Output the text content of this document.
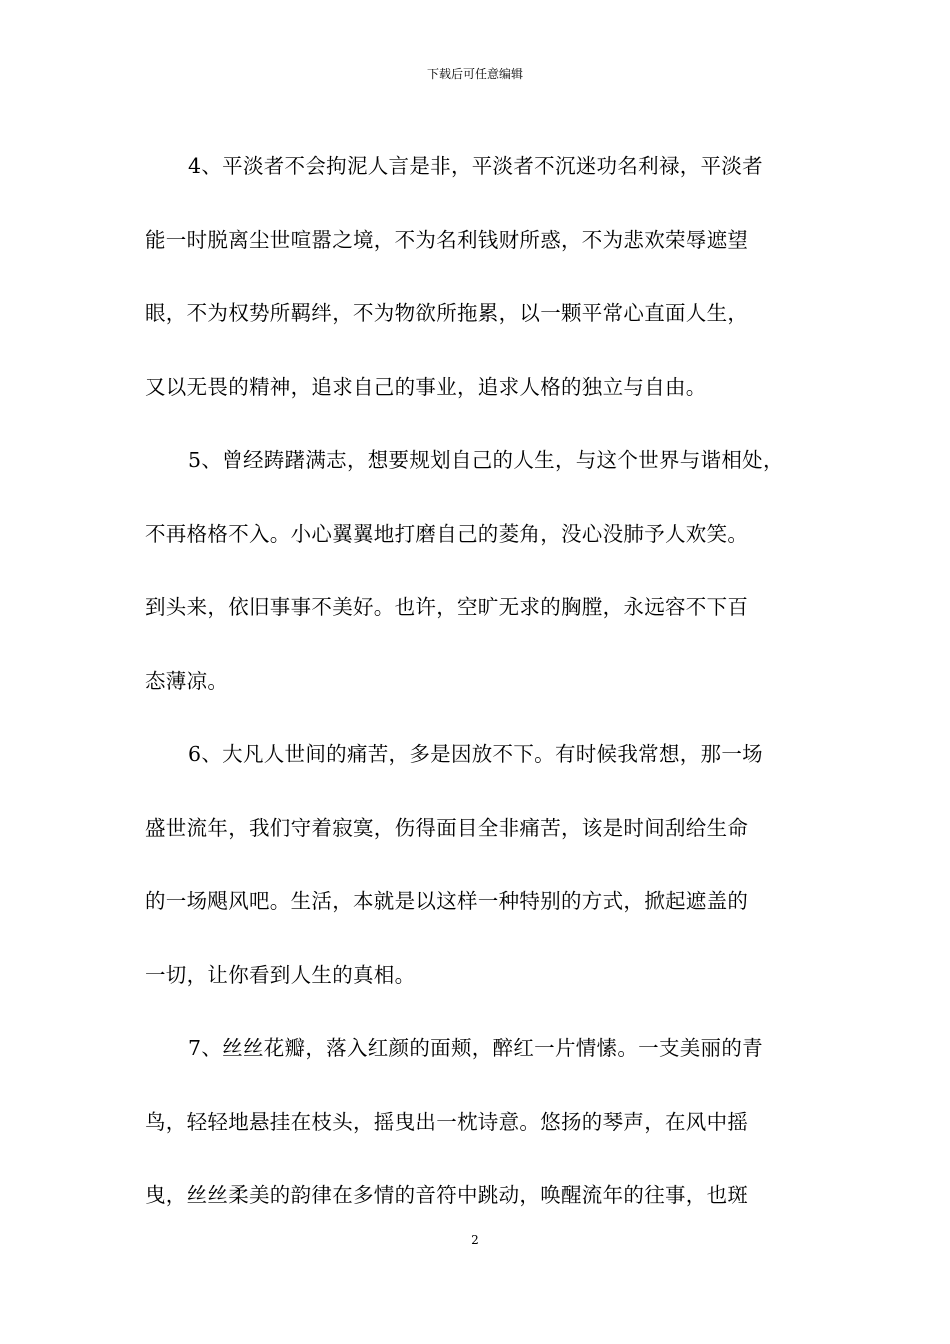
下载后可任意编辑
4、平淡者不会拘泥人言是非，平淡者不沉迷功名利禄，平淡者
能一时脱离尘世喧嚣之境，不为名利钱财所惑，不为悲欢荣辱遮望
眼，不为权势所羁绊，不为物欲所拖累，以一颗平常心直面人生，
又以无畏的精神，追求自己的事业，追求人格的独立与自由。
5、曾经踌躇满志，想要规划自己的人生，与这个世界与谐相处，
不再格格不入。小心翼翼地打磨自己的菱角，没心没肺予人欢笑。
到头来，依旧事事不美好。也许，空旷无求的胸膛，永远容不下百
态薄凉。
6、大凡人世间的痛苦，多是因放不下。有时候我常想，那一场
盛世流年，我们守着寂寞，伤得面目全非痛苦，该是时间刮给生命
的一场飓风吧。生活，本就是以这样一种特别的方式，掀起遮盖的
一切，让你看到人生的真相。
7、丝丝花瓣，落入红颜的面颊，醉红一片情愫。一支美丽的青
鸟，轻轻地悬挂在枝头，摇曳出一枕诗意。悠扬的琴声，在风中摇
曳，丝丝柔美的韵律在多情的音符中跳动，唤醒流年的往事，也斑
2
